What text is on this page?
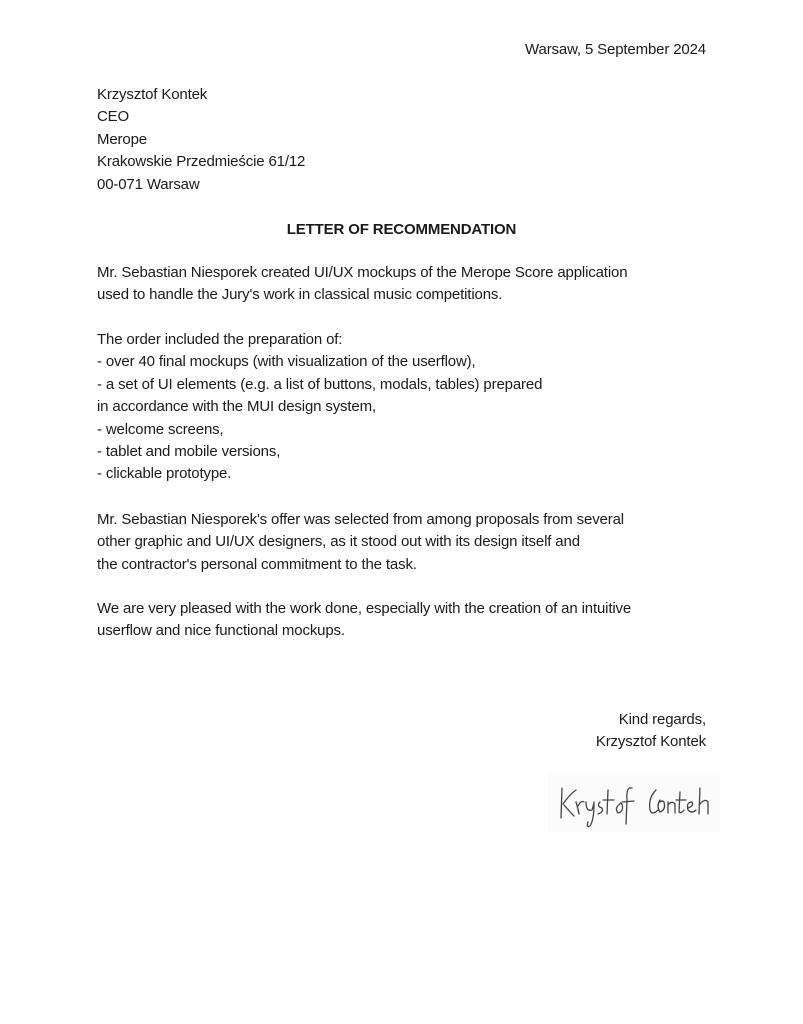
Warsaw, 5 September 2024
Krzysztof Kontek
CEO
Merope
Krakowskie Przedmieście 61/12
00-071 Warsaw
LETTER OF RECOMMENDATION
Mr. Sebastian Niesporek created UI/UX mockups of the Merope Score application
used to handle the Jury's work in classical music competitions.
The order included the preparation of:
- over 40 final mockups (with visualization of the userflow),
- a set of UI elements (e.g. a list of buttons, modals, tables) prepared
in accordance with the MUI design system,
- welcome screens,
- tablet and mobile versions,
- clickable prototype.
Mr. Sebastian Niesporek's offer was selected from among proposals from several
other graphic and UI/UX designers, as it stood out with its design itself and
the contractor's personal commitment to the task.
We are very pleased with the work done, especially with the creation of an intuitive
userflow and nice functional mockups.
Kind regards,
Krzysztof Kontek
